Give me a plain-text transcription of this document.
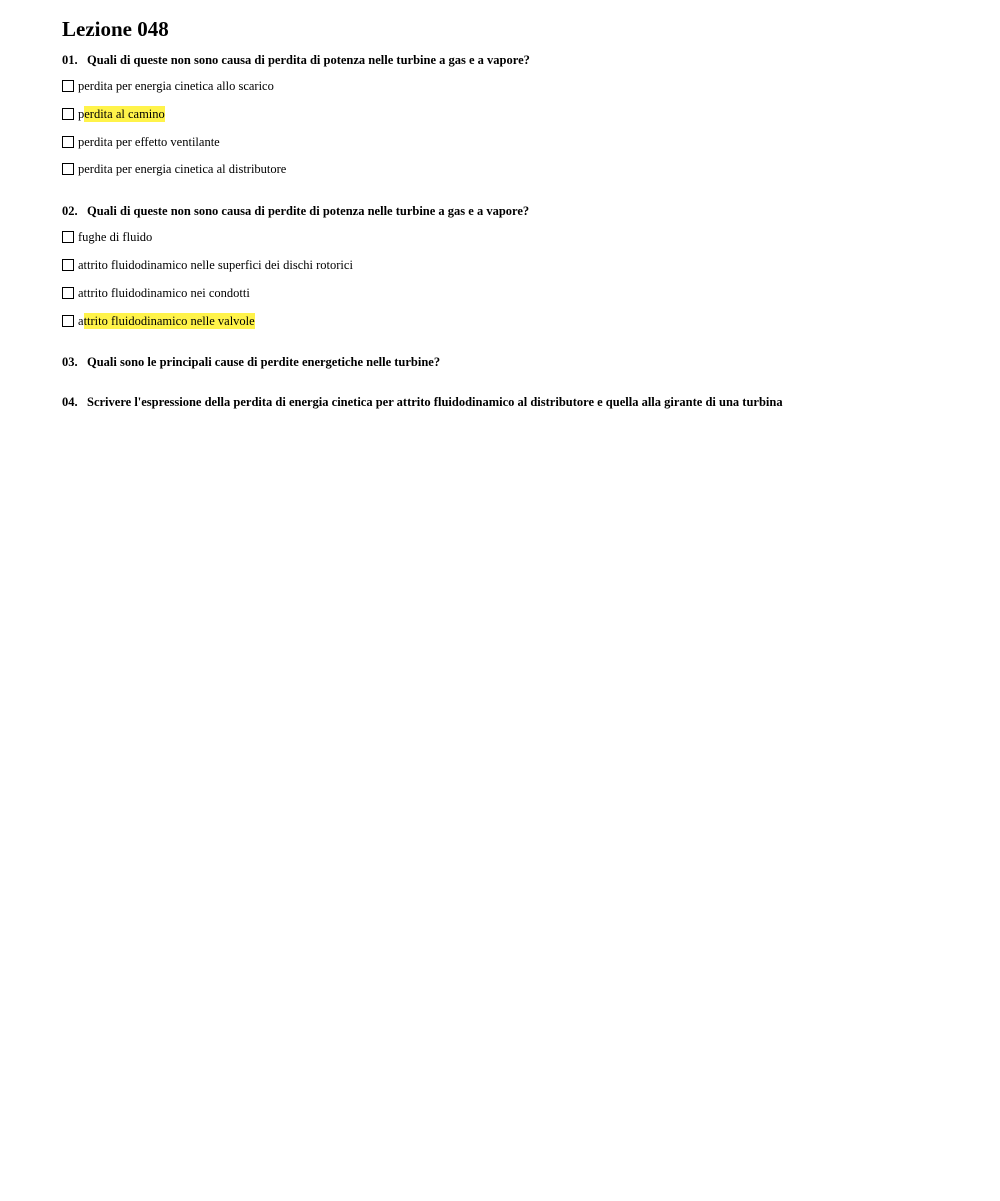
Lezione 048
01. Quali di queste non sono causa di perdita di potenza nelle turbine a gas e a vapore?
perdita per energia cinetica allo scarico
p erdita al camino
perdita per effetto ventilante
perdita per energia cinetica al distributore
02. Quali di queste non sono causa di perdite di potenza nelle turbine a gas e a vapore?
fughe di fluido
attrito fluidodinamico nelle superfici dei dischi rotorici
attrito fluidodinamico nei condotti
a ttrito fluidodinamico nelle valvole
03. Quali sono le principali cause di perdite energetiche nelle turbine?
04. Scrivere l'espressione della perdita di energia cinetica per attrito fluidodinamico al distributore e quella alla girante di una turbina
